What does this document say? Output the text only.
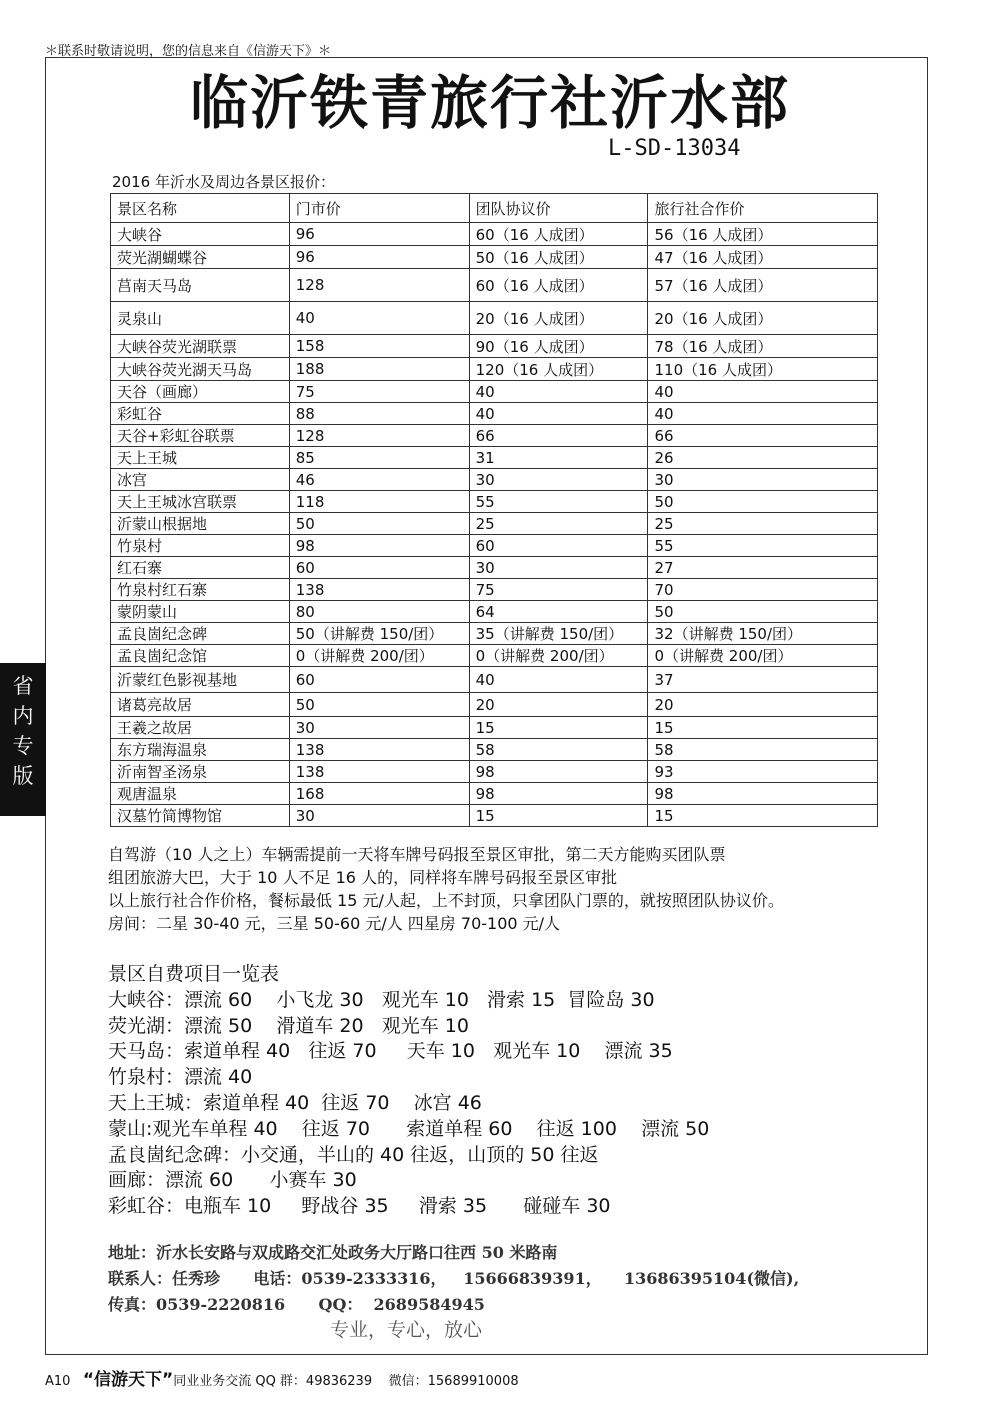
＊联系时敬请说明，您的信息来自《信游天下》＊
临沂铁青旅行社沂水部
L-SD-13034
2016 年沂水及周边各景区报价：
景区名称	门市价	团队协议价	旅行社合作价
大峡谷	96	60（16 人成团）	56（16 人成团）
荧光湖蝴蝶谷	96	50（16 人成团）	47（16 人成团）
莒南天马岛	128	60（16 人成团）	57（16 人成团）
灵泉山	40	20（16 人成团）	20（16 人成团）
大峡谷荧光湖联票	158	90（16 人成团）	78（16 人成团）
大峡谷荧光湖天马岛	188	120（16 人成团）	110（16 人成团）
天谷（画廊）	75	40	40
彩虹谷	88	40	40
天谷+彩虹谷联票	128	66	66
天上王城	85	31	26
冰宫	46	30	30
天上王城冰宫联票	118	55	50
沂蒙山根据地	50	25	25
竹泉村	98	60	55
红石寨	60	30	27
竹泉村红石寨	138	75	70
蒙阴蒙山	80	64	50
孟良崮纪念碑	50（讲解费 150/团）	35（讲解费 150/团）	32（讲解费 150/团）
孟良崮纪念馆	0（讲解费 200/团）	0（讲解费 200/团）	0（讲解费 200/团）
沂蒙红色影视基地	60	40	37
诸葛亮故居	50	20	20
王羲之故居	30	15	15
东方瑞海温泉	138	58	58
沂南智圣汤泉	138	98	93
观唐温泉	168	98	98
汉墓竹简博物馆	30	15	15
省
内
专
版

自驾游（10 人之上）车辆需提前一天将车牌号码报至景区审批，第二天方能购买团队票

组团旅游大巴，大于 10 人不足 16 人的，同样将车牌号码报至景区审批

以上旅行社合作价格，餐标最低 15 元/人起，上不封顶，只拿团队门票的，就按照团队协议价。

房间：二星 30-40 元，三星 50-60 元/人 四星房 70-100 元/人

景区自费项目一览表

大峡谷：漂流 60    小飞龙 30   观光车 10   滑索 15  冒险岛 30

荧光湖：漂流 50    滑道车 20   观光车 10

天马岛：索道单程 40   往返 70     天车 10   观光车 10    漂流 35

竹泉村：漂流 40

天上王城：索道单程 40  往返 70    冰宫 46

蒙山:观光车单程 40    往返 70      索道单程 60    往返 100    漂流 50

孟良崮纪念碑：小交通，半山的 40 往返，山顶的 50 往返

画廊：漂流 60      小赛车 30

彩虹谷：电瓶车 10     野战谷 35     滑索 35      碰碰车 30

地址：沂水长安路与双成路交汇处政务大厅路口往西 50 米路南

联系人：任秀珍      电话：0539-2333316，   15666839391，    13686395104(微信),

传真：0539-2220816      QQ：  2689584945

专业，专心，放心
A10 “信游天下”同业业务交流 QQ 群：49836239    微信：15689910008
